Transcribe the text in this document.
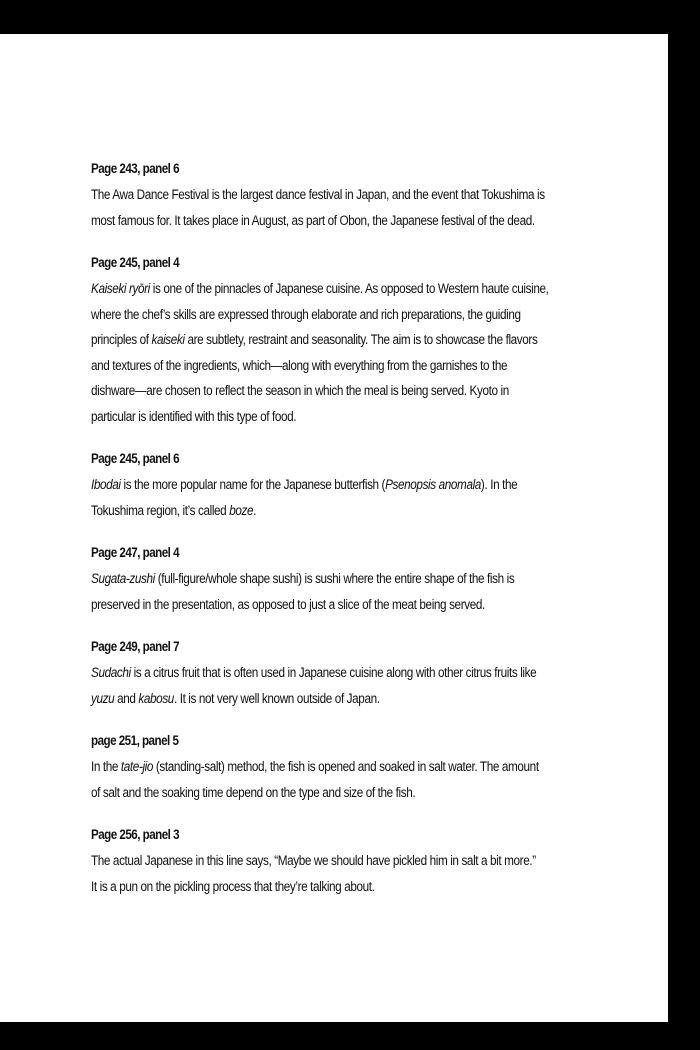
Page 243, panel 6

The Awa Dance Festival is the largest dance festival in Japan, and the event that Tokushima is
most famous for. It takes place in August, as part of Obon, the Japanese festival of the dead.

Page 245, panel 4

Kaiseki ryōri is one of the pinnacles of Japanese cuisine. As opposed to Western haute cuisine,
where the chef’s skills are expressed through elaborate and rich preparations, the guiding
principles of kaiseki are subtlety, restraint and seasonality. The aim is to showcase the flavors
and textures of the ingredients, which—along with everything from the garnishes to the
dishware—are chosen to reflect the season in which the meal is being served. Kyoto in
particular is identified with this type of food.

Page 245, panel 6

Ibodai is the more popular name for the Japanese butterfish (Psenopsis anomala). In the
Tokushima region, it’s called boze.

Page 247, panel 4

Sugata-zushi (full-figure/whole shape sushi) is sushi where the entire shape of the fish is
preserved in the presentation, as opposed to just a slice of the meat being served.

Page 249, panel 7

Sudachi is a citrus fruit that is often used in Japanese cuisine along with other citrus fruits like
yuzu and kabosu. It is not very well known outside of Japan.

page 251, panel 5

In the tate-jio (standing-salt) method, the fish is opened and soaked in salt water. The amount
of salt and the soaking time depend on the type and size of the fish.

Page 256, panel 3

The actual Japanese in this line says, “Maybe we should have pickled him in salt a bit more.”
It is a pun on the pickling process that they’re talking about.
